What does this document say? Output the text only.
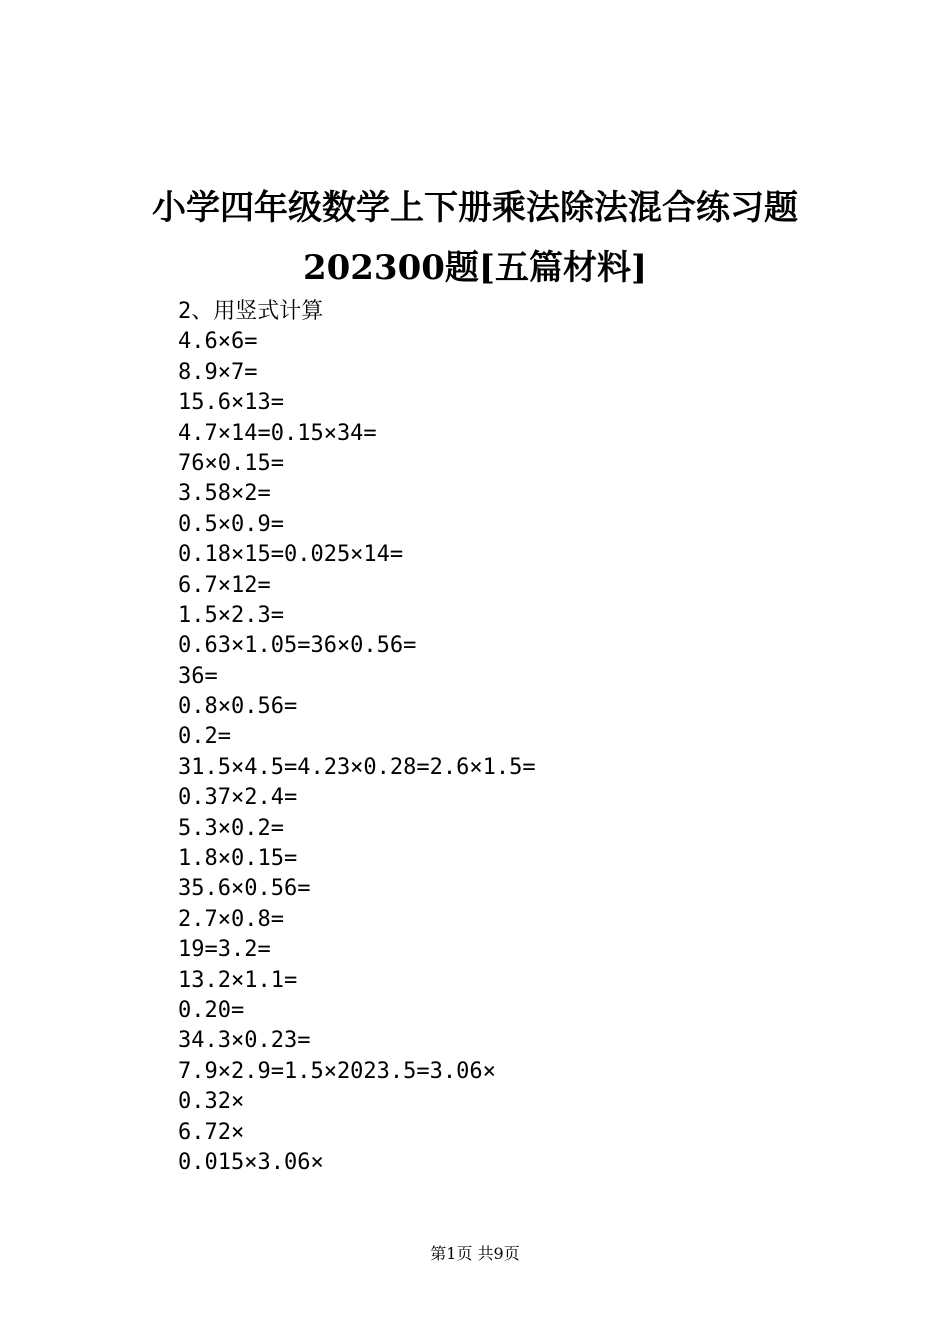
小学四年级数学上下册乘法除法混合练习题
202300题[五篇材料]
2、用竖式计算
4.6×6=
8.9×7=
15.6×13=
4.7×14=0.15×34=
76×0.15=
3.58×2=
0.5×0.9=
0.18×15=0.025×14=
6.7×12=
1.5×2.3=
0.63×1.05=36×0.56=
36=
0.8×0.56=
0.2=
31.5×4.5=4.23×0.28=2.6×1.5=
0.37×2.4=
5.3×0.2=
1.8×0.15=
35.6×0.56=
2.7×0.8=
19=3.2=
13.2×1.1=
0.20=
34.3×0.23=
7.9×2.9=1.5×2023.5=3.06×
0.32×
6.72×
0.015×3.06×
第1页 共9页
